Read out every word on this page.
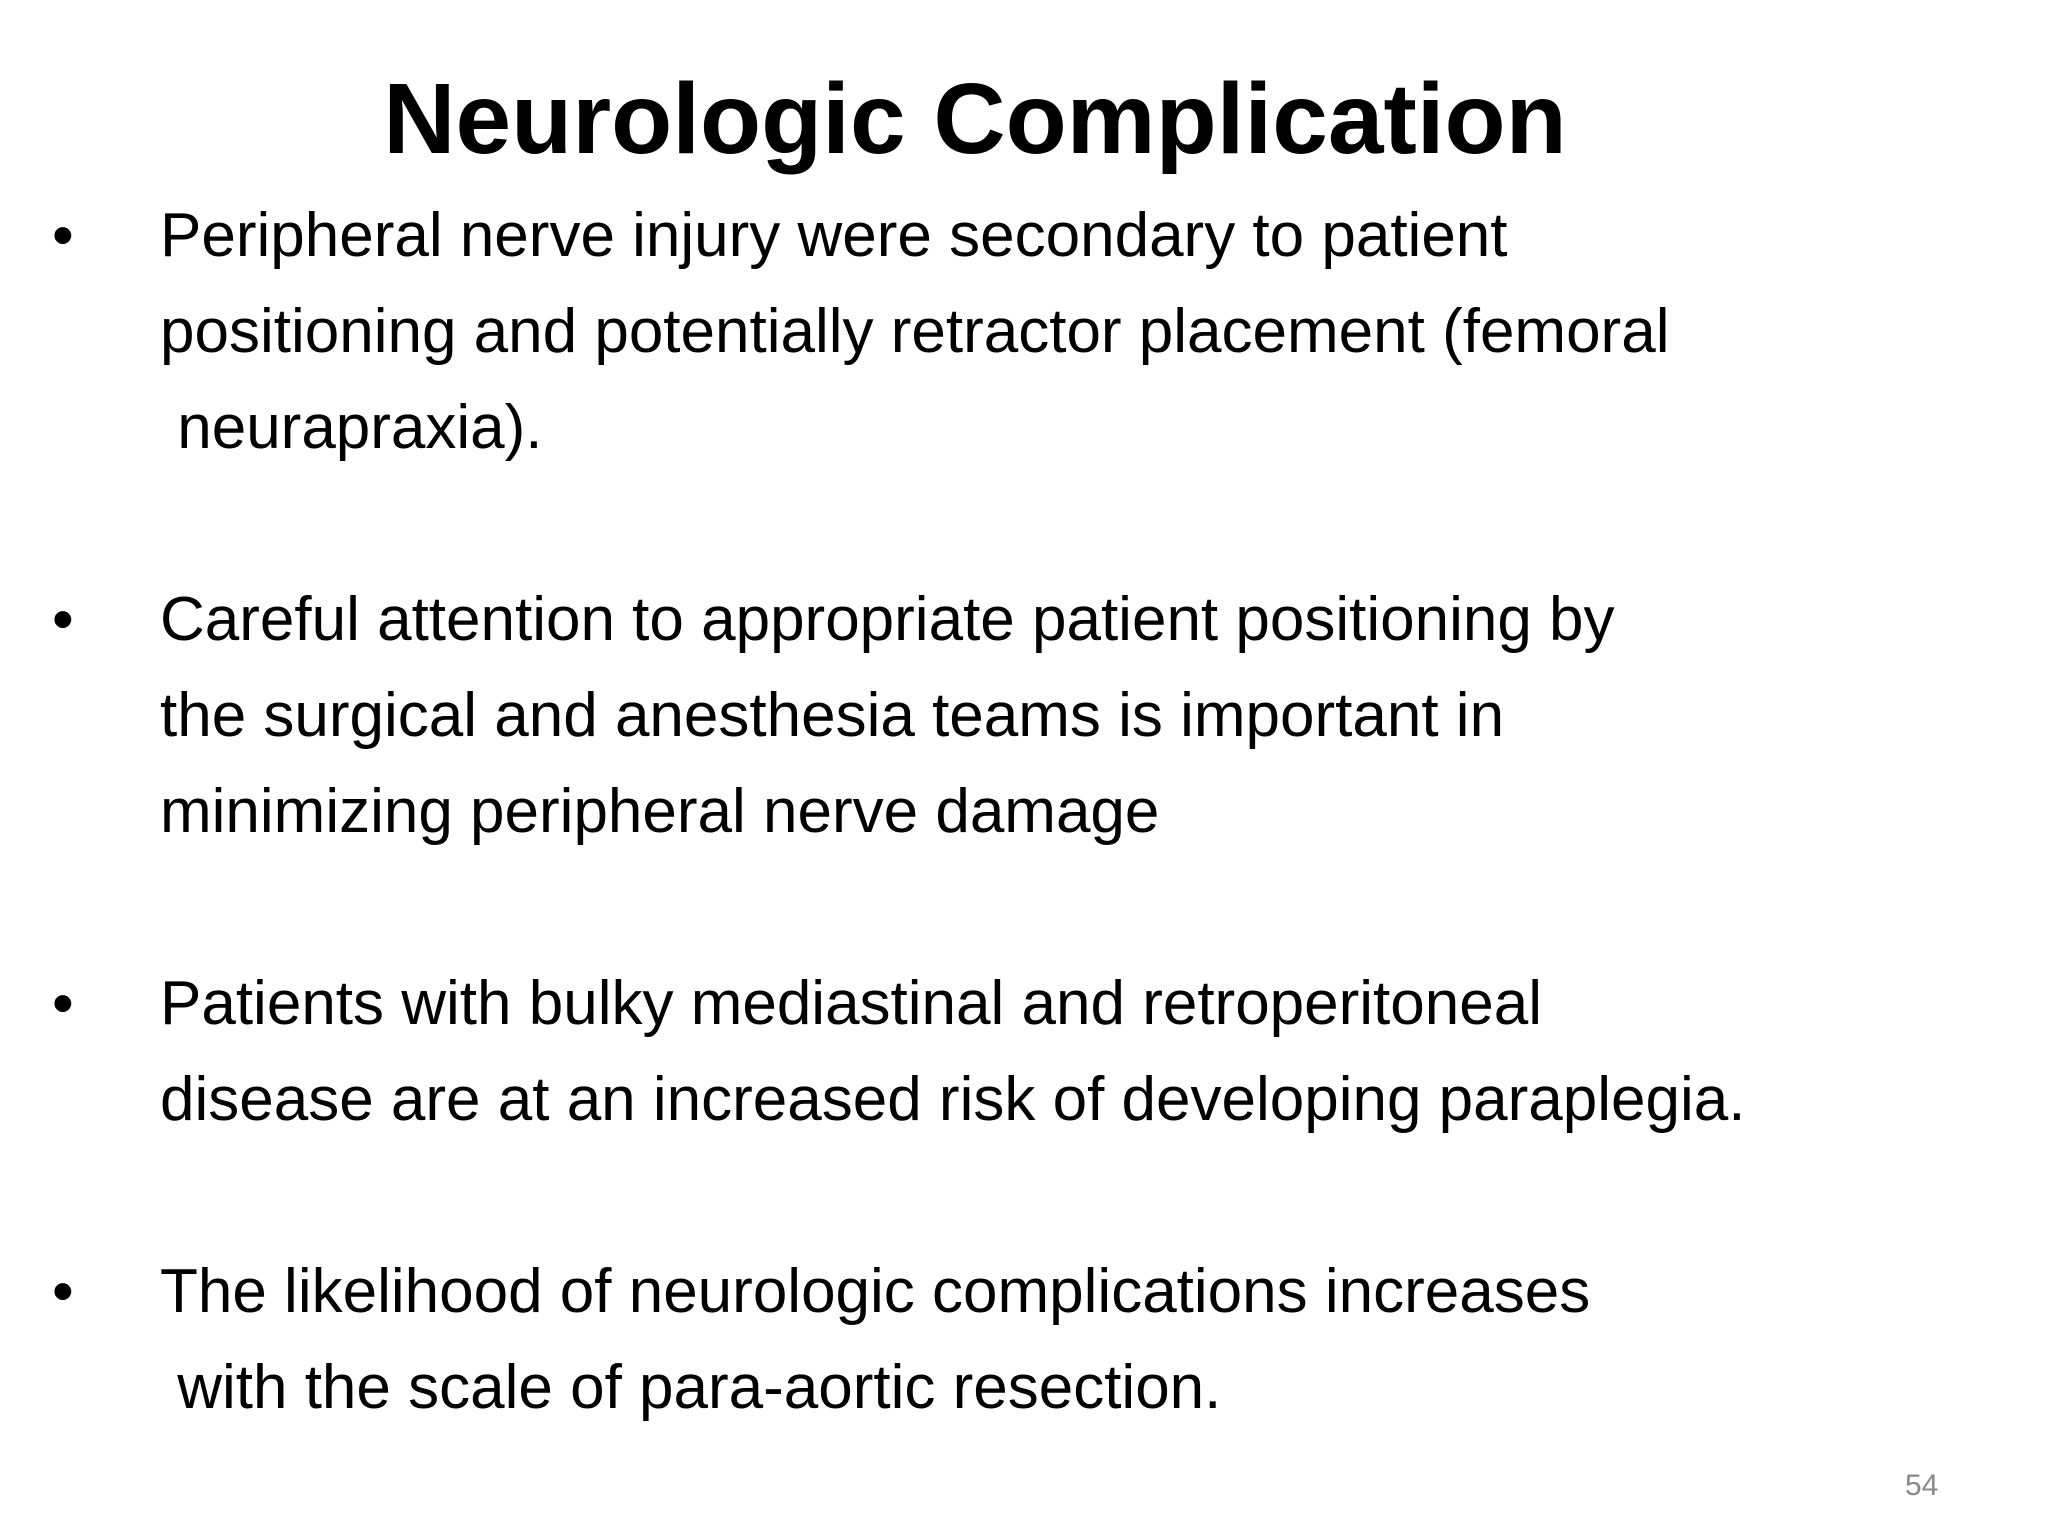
Neurologic Complication
• Peripheral nerve injury were secondary to patient

positioning and potentially retractor placement (femoral

neurapraxia).

• Careful attention to appropriate patient positioning by

the surgical and anesthesia teams is important in

minimizing peripheral nerve damage

• Patients with bulky mediastinal and retroperitoneal

disease are at an increased risk of developing paraplegia.

• The likelihood of neurologic complications increases

with the scale of para-aortic resection.

54
